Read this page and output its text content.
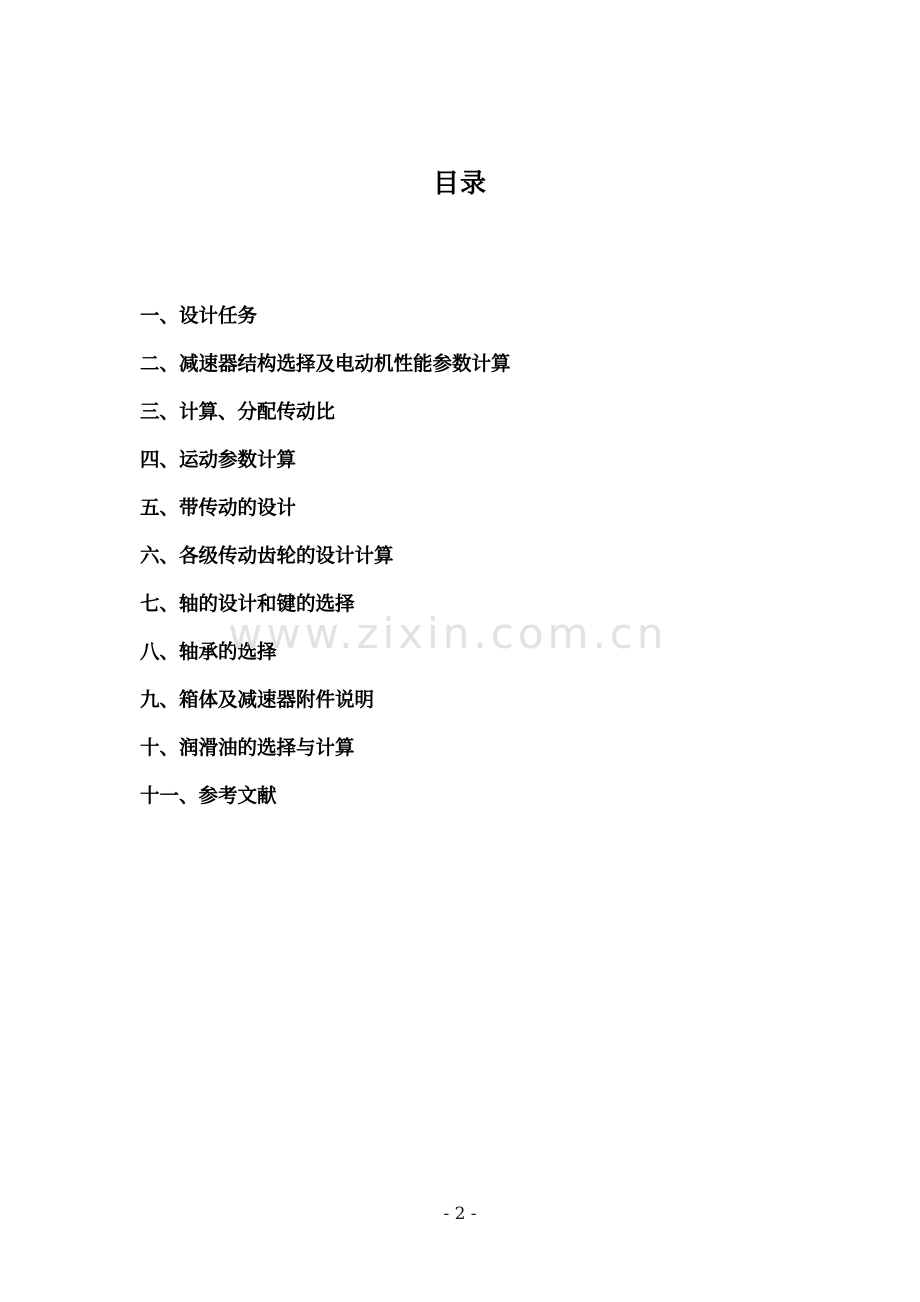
目录
一、设计任务
二、减速器结构选择及电动机性能参数计算
三、计算、分配传动比
四、运动参数计算
五、带传动的设计
六、各级传动齿轮的设计计算
七、轴的设计和键的选择
八、轴承的选择
九、箱体及减速器附件说明
十、润滑油的选择与计算
十一、参考文献
www.zixin.com.cn
- 2 -
